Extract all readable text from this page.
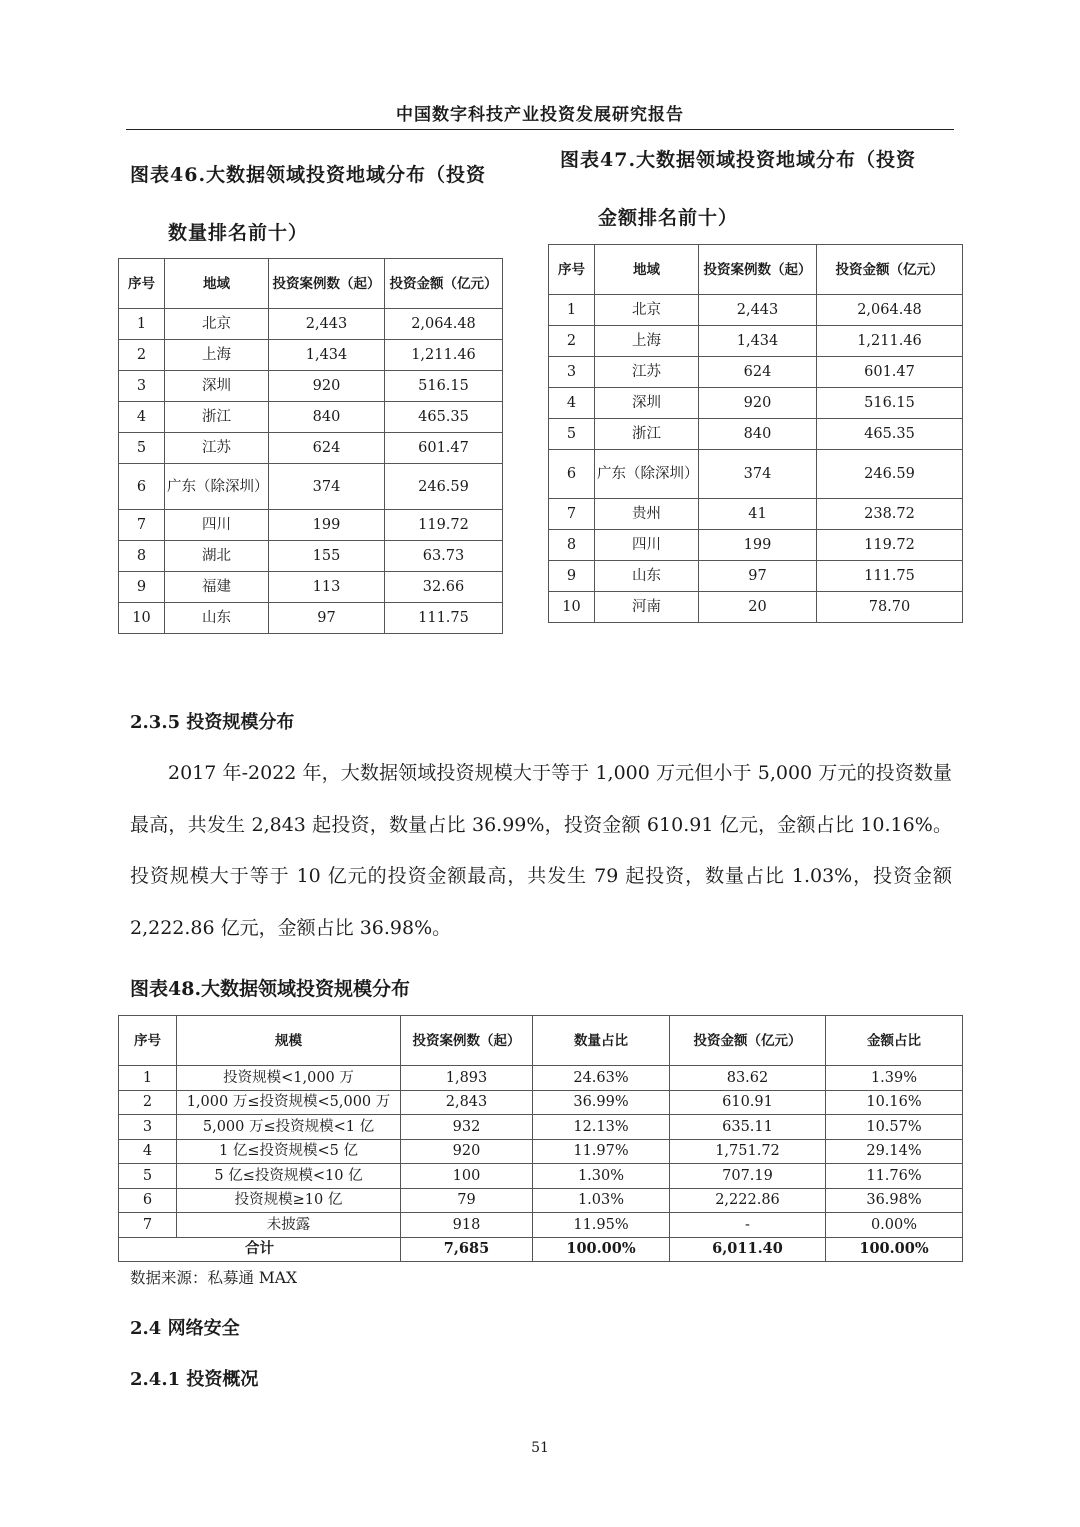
中国数字科技产业投资发展研究报告
图表46.大数据领域投资地域分布（投资
数量排名前十）
序号	地域	投资案例数（起）	投资金额（亿元）
1	北京	2,443	2,064.48
2	上海	1,434	1,211.46
3	深圳	920	516.15
4	浙江	840	465.35
5	江苏	624	601.47
6	广东（除深圳）	374	246.59
7	四川	199	119.72
8	湖北	155	63.73
9	福建	113	32.66
10	山东	97	111.75
图表47.大数据领域投资地域分布（投资
金额排名前十）
序号	地域	投资案例数（起）	投资金额（亿元）
1	北京	2,443	2,064.48
2	上海	1,434	1,211.46
3	江苏	624	601.47
4	深圳	920	516.15
5	浙江	840	465.35
6	广东（除深圳）	374	246.59
7	贵州	41	238.72
8	四川	199	119.72
9	山东	97	111.75
10	河南	20	78.70
2.3.5 投资规模分布
2017 年-2022 年，大数据领域投资规模大于等于 1,000 万元但小于 5,000 万元的投资数量最高，共发生 2,843 起投资，数量占比 36.99%，投资金额 610.91 亿元，金额占比 10.16%。投资规模大于等于 10 亿元的投资金额最高，共发生 79 起投资，数量占比 1.03%，投资金额 2,222.86 亿元，金额占比 36.98%。
图表48.大数据领域投资规模分布
序号	规模	投资案例数（起）	数量占比	投资金额（亿元）	金额占比
1	投资规模<1,000 万	1,893	24.63%	83.62	1.39%
2	1,000 万≤投资规模<5,000 万	2,843	36.99%	610.91	10.16%
3	5,000 万≤投资规模<1 亿	932	12.13%	635.11	10.57%
4	1 亿≤投资规模<5 亿	920	11.97%	1,751.72	29.14%
5	5 亿≤投资规模<10 亿	100	1.30%	707.19	11.76%
6	投资规模≥10 亿	79	1.03%	2,222.86	36.98%
7	未披露	918	11.95%	-	0.00%
合计		7,685	100.00%	6,011.40	100.00%
数据来源：私募通 MAX
2.4 网络安全
2.4.1 投资概况
51
